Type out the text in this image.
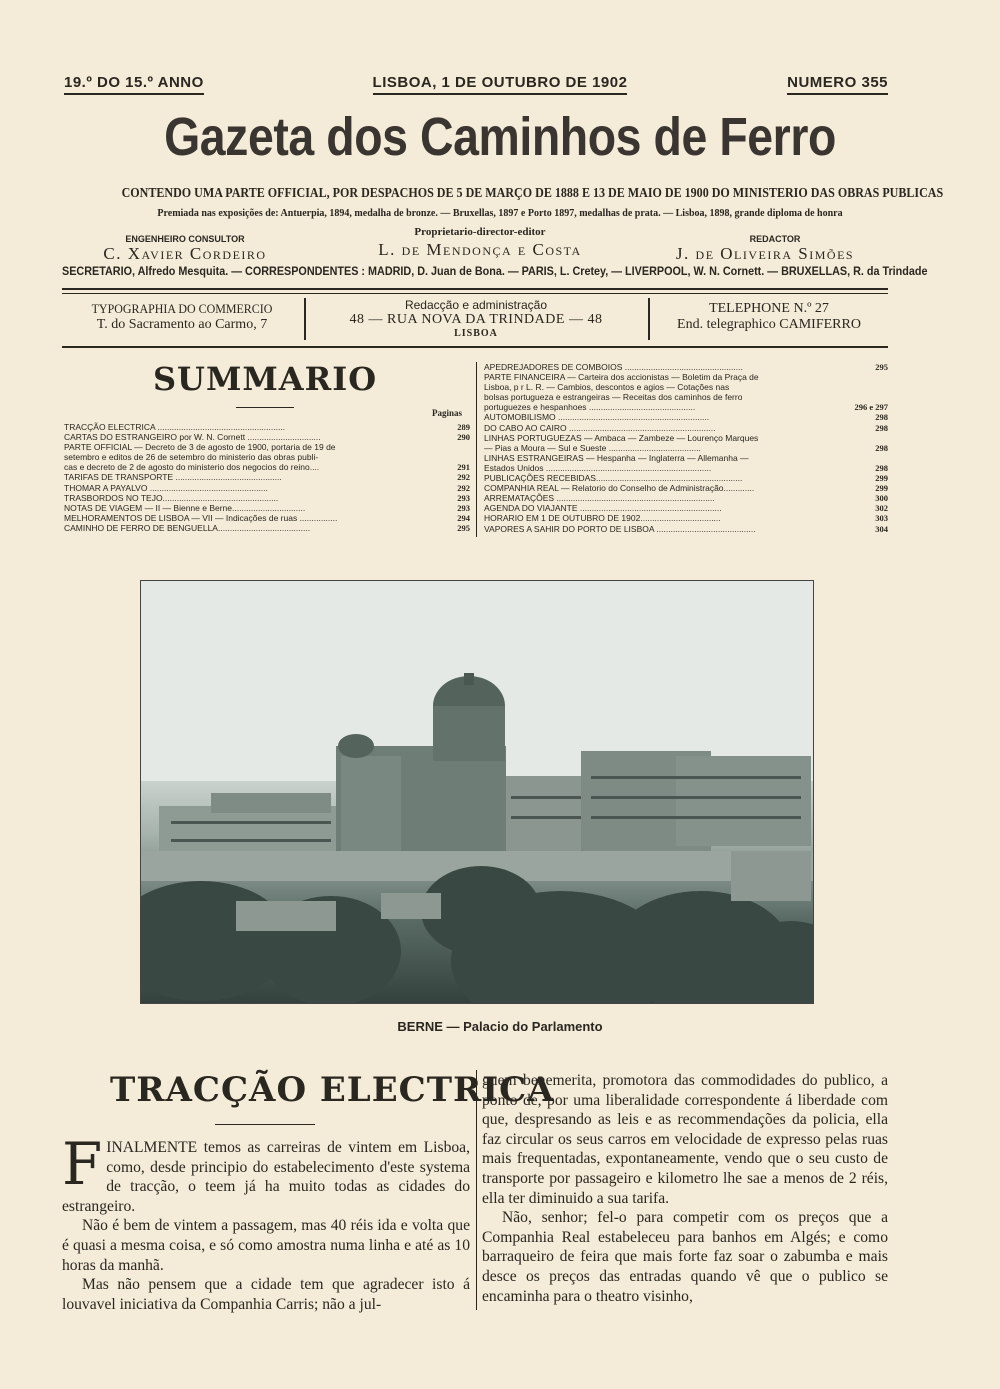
19.º DO 15.º ANNO	LISBOA, 1 DE OUTUBRO DE 1902	NUMERO 355
Gazeta dos Caminhos de Ferro
CONTENDO UMA PARTE OFFICIAL, POR DESPACHOS DE 5 DE MARÇO DE 1888 E 13 DE MAIO DE 1900 DO MINISTERIO DAS OBRAS PUBLICAS
Premiada nas exposições de: Antuerpia, 1894, medalha de bronze. — Bruxellas, 1897 e Porto 1897, medalhas de prata. — Lisboa, 1898, grande diploma de honra
ENGENHEIRO CONSULTOR
C. Xavier Cordeiro
Proprietario-director-editor
L. de Mendonça e Costa
REDACTOR
J. de Oliveira Simões
SECRETARIO, Alfredo Mesquita. — CORRESPONDENTES : MADRID, D. Juan de Bona. — PARIS, L. Cretey, — LIVERPOOL, W. N. Cornett. — BRUXELLAS, R. da Trindade
TYPOGRAPHIA DO COMMERCIO
T. do Sacramento ao Carmo, 7
Redacção e administração
48 — RUA NOVA DA TRINDADE — 48
LISBOA
TELEPHONE N.º 27
End. telegraphico CAMIFERRO
SUMMARIO
Paginas
TRACÇÃO ELECTRICA ......................................................	289
CARTAS DO ESTRANGEIRO por W. N. Cornett ...............................	290
PARTE OFFICIAL — Decreto de 3 de agosto de 1900, portaria de 19 de
setembro e editos de 26 de setembro do ministerio das obras publi-
cas e decreto de 2 de agosto do ministerio dos negocios do reino....	291
TARIFAS DE TRANSPORTE .............................................	292
THOMAR A PAYALVO ..................................................	292
TRASBORDOS NO TEJO.................................................	293
NOTAS DE VIAGEM — II — Bienne e Berne...............................	293
MELHORAMENTOS DE LISBOA — VII — Indicações de ruas ................	294
CAMINHO DE FERRO DE BENGUELLA.......................................	295
APEDREJADORES DE COMBOIOS ..................................................	295
PARTE FINANCEIRA — Carteira dos accionistas — Boletim da Praça de
Lisboa, p r L. R. — Cambios, descontos e agios — Cotações nas
bolsas portugueza e estrangeiras — Receitas dos caminhos de ferro
portuguezes e hespanhoes .............................................	296 e 297
AUTOMOBILISMO ................................................................	298
DO CABO AO CAIRO ..............................................................	298
LINHAS PORTUGUEZAS — Ambaca — Zambeze — Lourenço Marques
— Pias a Moura — Sul e Sueste .......................................	298
LINHAS ESTRANGEIRAS — Hespanha — Inglaterra — Allemanha —
Estados Unidos ......................................................................	298
PUBLICAÇÕES RECEBIDAS..............................................................	299
COMPANHIA REAL — Relatorio do Conselho de Administração.............	299
ARREMATAÇÕES ...................................................................	300
AGENDA DO VIAJANTE ............................................................	302
HORARIO EM 1 DE OUTUBRO DE 1902..................................	303
VAPORES A SAHIR DO PORTO DE LISBOA ..........................................	304
BERNE — Palacio do Parlamento
TRACÇÃO ELECTRICA

FINALMENTE temos as carreiras de vintem em Lisboa, como, desde principio do estabelecimento d'este systema de tracção, o teem já ha muito todas as cidades do estrangeiro.

Não é bem de vintem a passagem, mas 40 réis ida e volta que é quasi a mesma coisa, e só como amostra numa linha e até as 10 horas da manhã.

Mas não pensem que a cidade tem que agradecer isto á louvavel iniciativa da Companhia Carris; não a jul-

guem benemerita, promotora das commodidades do publico, a ponto de, por uma liberalidade correspondente á liberdade com que, despresando as leis e as recommendações da policia, ella faz circular os seus carros em velocidade de expresso pelas ruas mais frequentadas, expontaneamente, vendo que o seu custo de transporte por passageiro e kilometro lhe sae a menos de 2 réis, ella ter diminuido a sua tarifa.

Não, senhor; fel-o para competir com os preços que a Companhia Real estabeleceu para banhos em Algés; e como barraqueiro de feira que mais forte faz soar o zabumba e mais desce os preços das entradas quando vê que o publico se encaminha para o theatro visinho,
